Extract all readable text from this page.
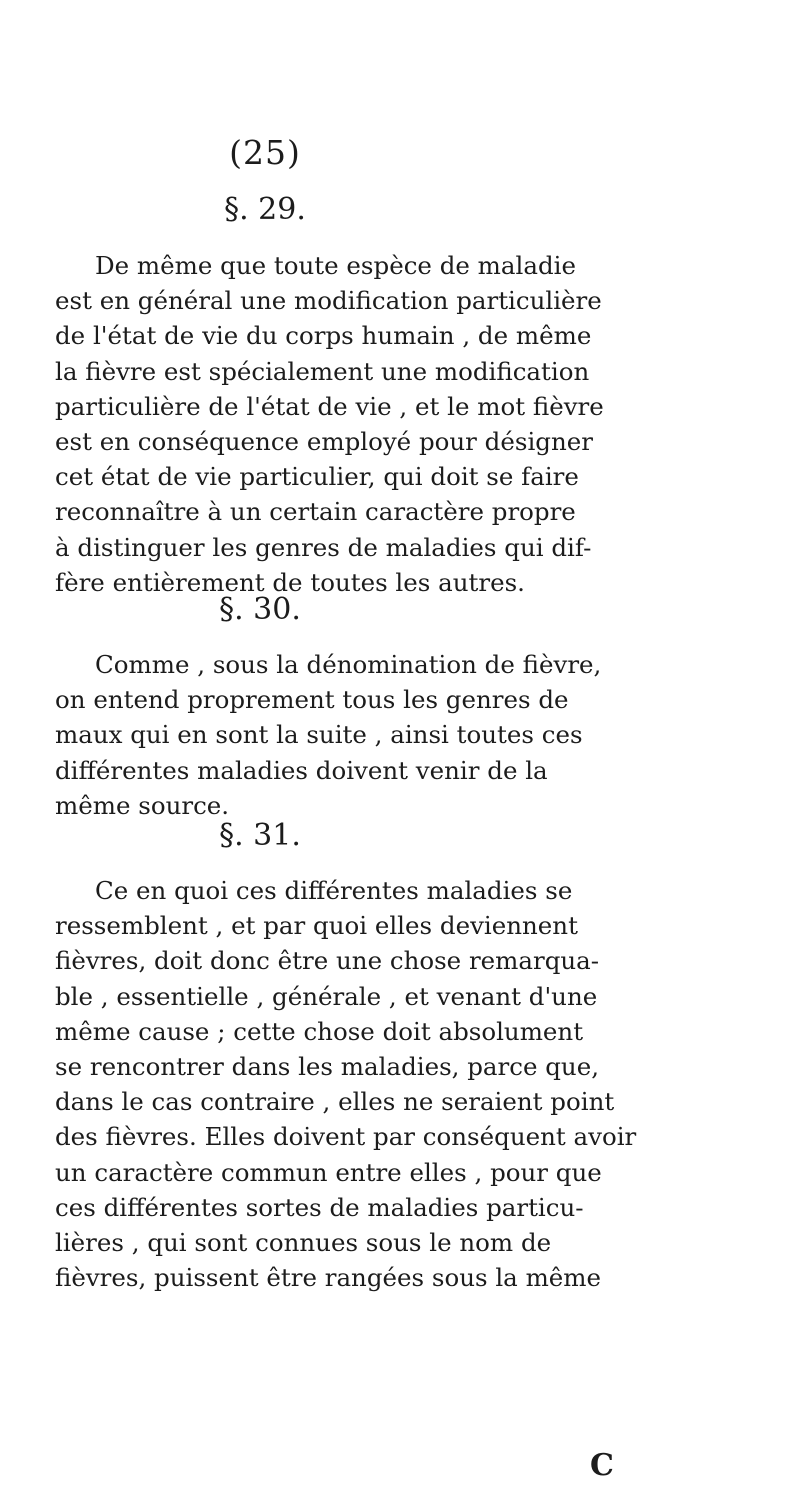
(25)
§. 29.
De même que toute espèce de maladie
est en général une modification particulière
de l'état de vie du corps humain , de même
la fièvre est spécialement une modification
particulière de l'état de vie , et le mot fièvre
est en conséquence employé pour désigner
cet état de vie particulier, qui doit se faire
reconnaître à un certain caractère propre
à distinguer les genres de maladies qui dif-
fère entièrement de toutes les autres.
§. 30.
Comme , sous la dénomination de fièvre,
on entend proprement tous les genres de
maux qui en sont la suite , ainsi toutes ces
différentes maladies doivent venir de la
même source.
§. 31.
Ce en quoi ces différentes maladies se
ressemblent , et par quoi elles deviennent
fièvres, doit donc être une chose remarqua-
ble , essentielle , générale , et venant d'une
même cause ; cette chose doit absolument
se rencontrer dans les maladies, parce que,
dans le cas contraire , elles ne seraient point
des fièvres. Elles doivent par conséquent avoir
un caractère commun entre elles , pour que
ces différentes sortes de maladies particu-
lières , qui sont connues sous le nom de
fièvres, puissent être rangées sous la même
C
